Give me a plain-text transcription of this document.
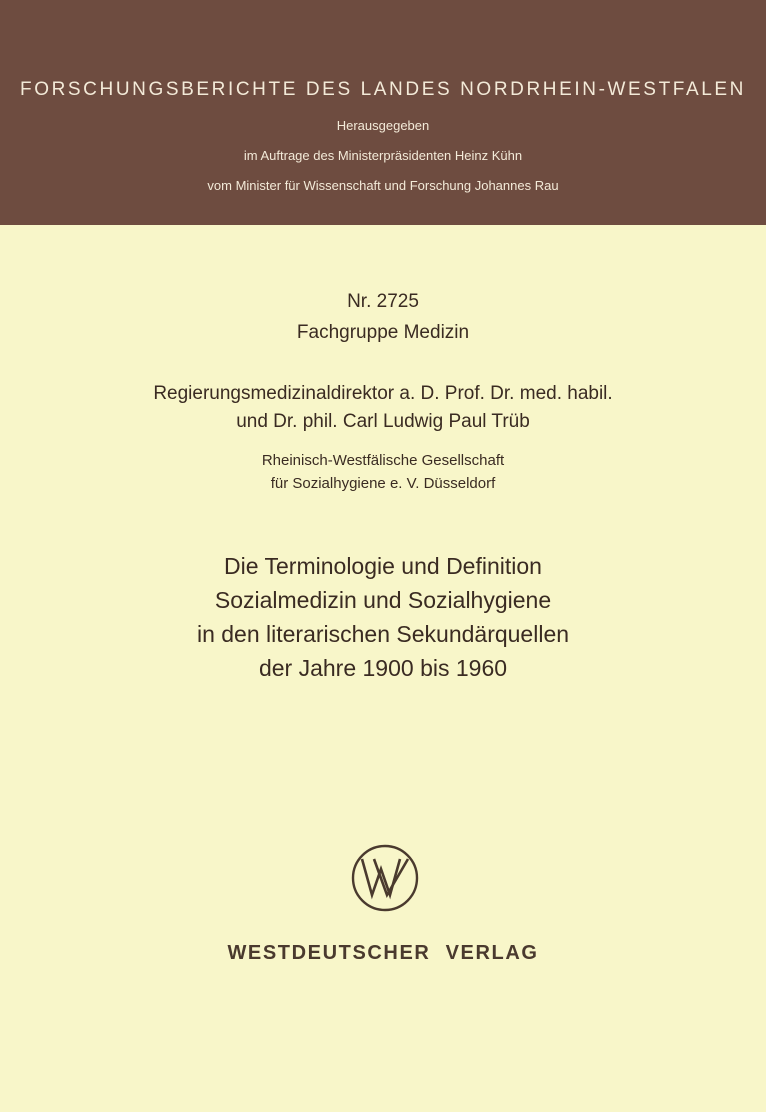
FORSCHUNGSBERICHTE DES LANDES NORDRHEIN-WESTFALEN
Herausgegeben
im Auftrage des Ministerpräsidenten Heinz Kühn
vom Minister für Wissenschaft und Forschung Johannes Rau
Nr. 2725
Fachgruppe Medizin
Regierungsmedizinaldirektor a. D. Prof. Dr. med. habil.
und Dr. phil. Carl Ludwig Paul Trüb
Rheinisch-Westfälische Gesellschaft
für Sozialhygiene e. V. Düsseldorf
Die Terminologie und Definition
Sozialmedizin und Sozialhygiene
in den literarischen Sekundärquellen
der Jahre 1900 bis 1960
WESTDEUTSCHER VERLAG
